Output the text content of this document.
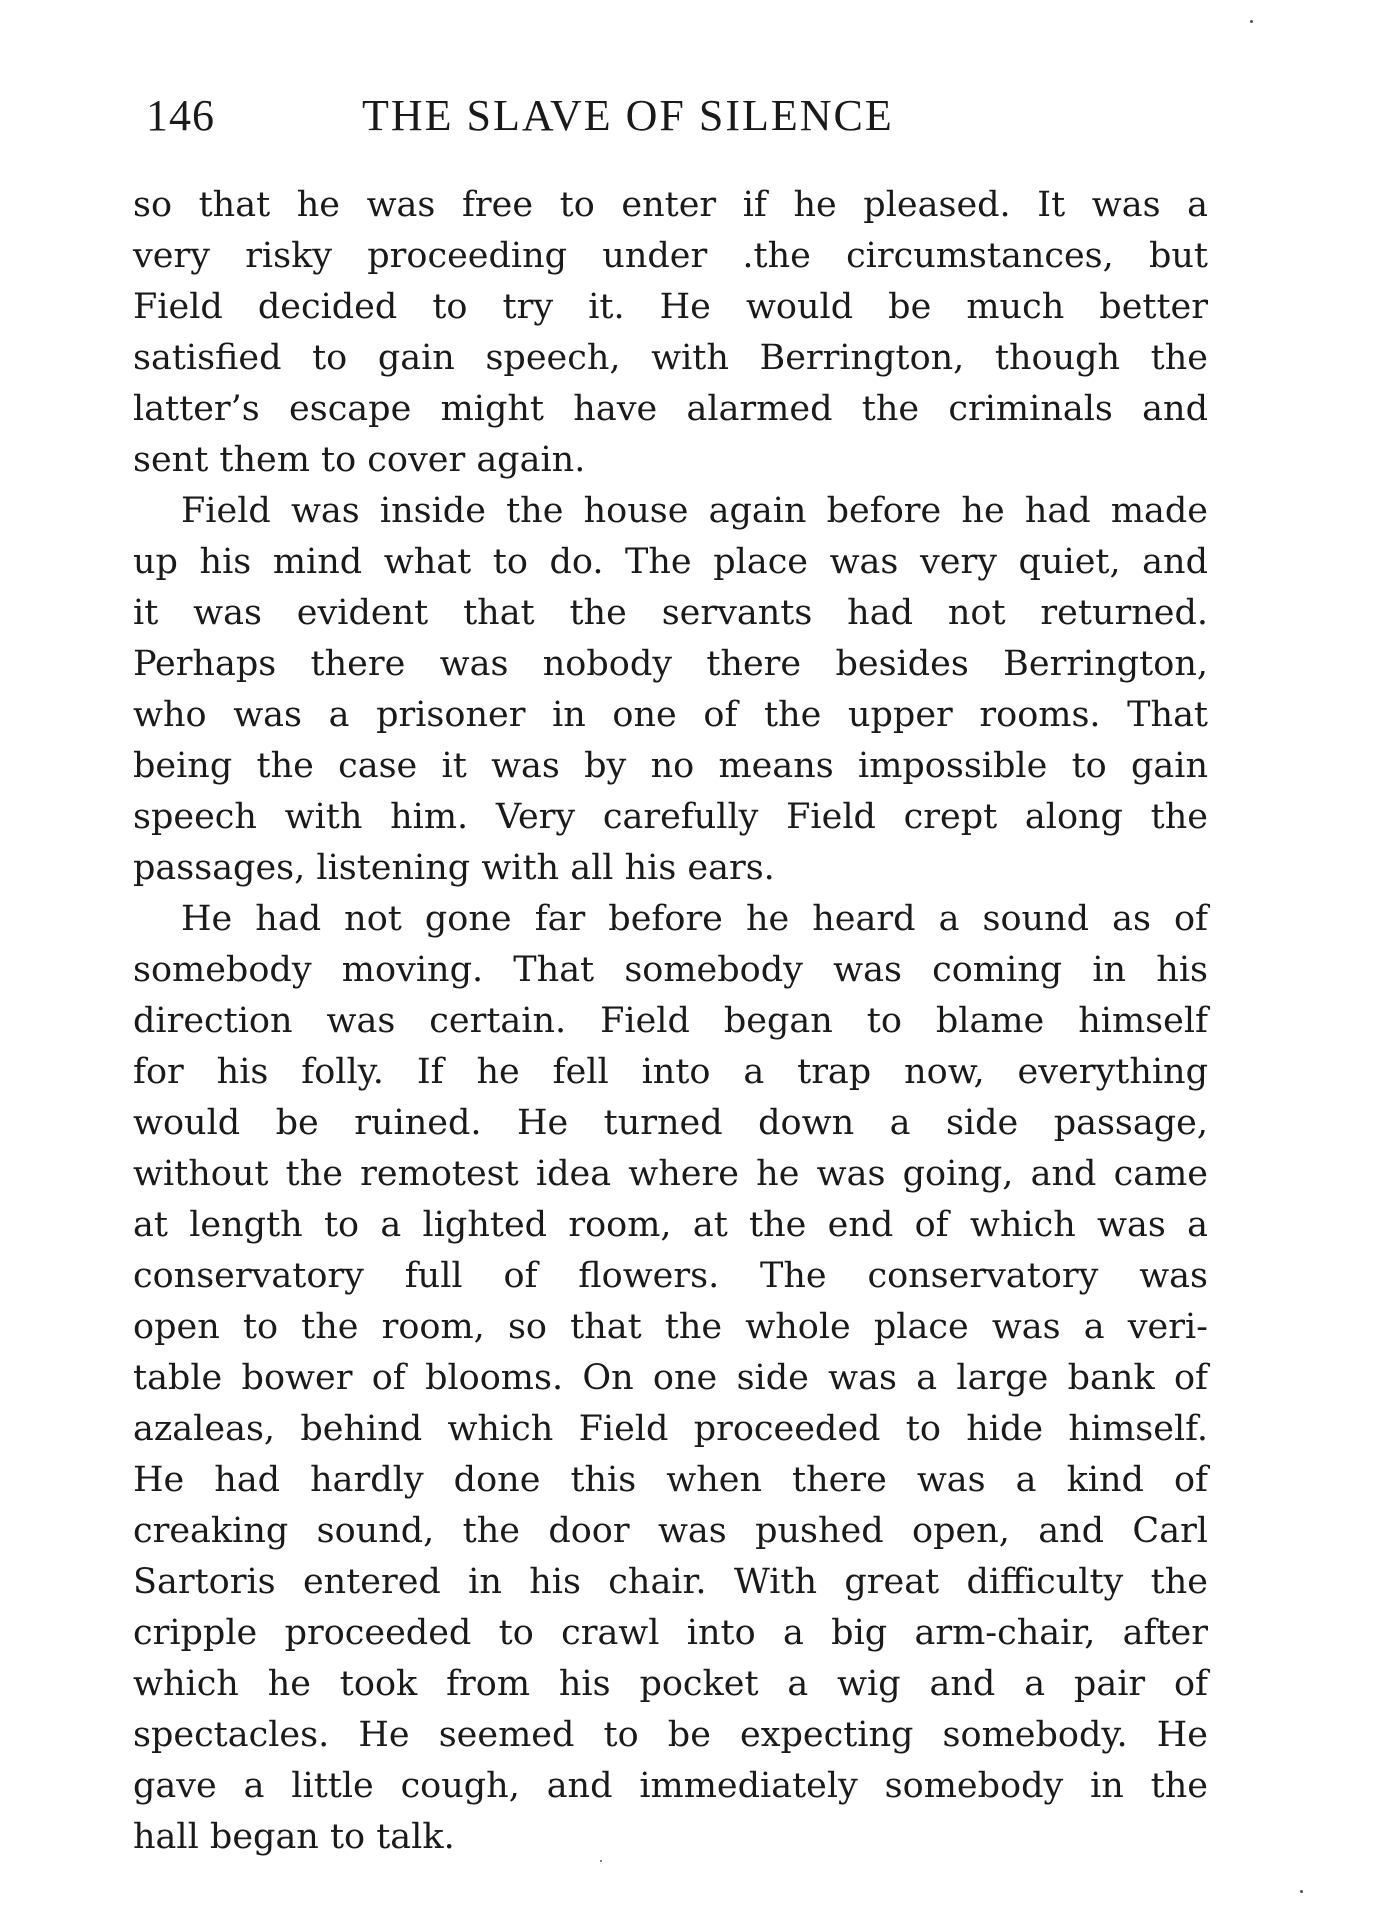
146	THE SLAVE OF SILENCE
so that he was free to enter if he pleased. It was a
very risky proceeding under .the circumstances, but
Field decided to try it. He would be much better
satisfied to gain speech, with Berrington, though the
latter’s escape might have alarmed the criminals and
sent them to cover again.
Field was inside the house again before he had made
up his mind what to do. The place was very quiet, and
it was evident that the servants had not returned.
Perhaps there was nobody there besides Berrington,
who was a prisoner in one of the upper rooms. That
being the case it was by no means impossible to gain
speech with him. Very carefully Field crept along the
passages, listening with all his ears.
He had not gone far before he heard a sound as of
somebody moving. That somebody was coming in his
direction was certain. Field began to blame himself
for his folly. If he fell into a trap now, everything
would be ruined. He turned down a side passage,
without the remotest idea where he was going, and came
at length to a lighted room, at the end of which was a
conservatory full of flowers. The conservatory was
open to the room, so that the whole place was a veri-
table bower of blooms. On one side was a large bank of
azaleas, behind which Field proceeded to hide himself.
He had hardly done this when there was a kind of
creaking sound, the door was pushed open, and Carl
Sartoris entered in his chair. With great difficulty the
cripple proceeded to crawl into a big arm-chair, after
which he took from his pocket a wig and a pair of
spectacles. He seemed to be expecting somebody. He
gave a little cough, and immediately somebody in the
hall began to talk.
